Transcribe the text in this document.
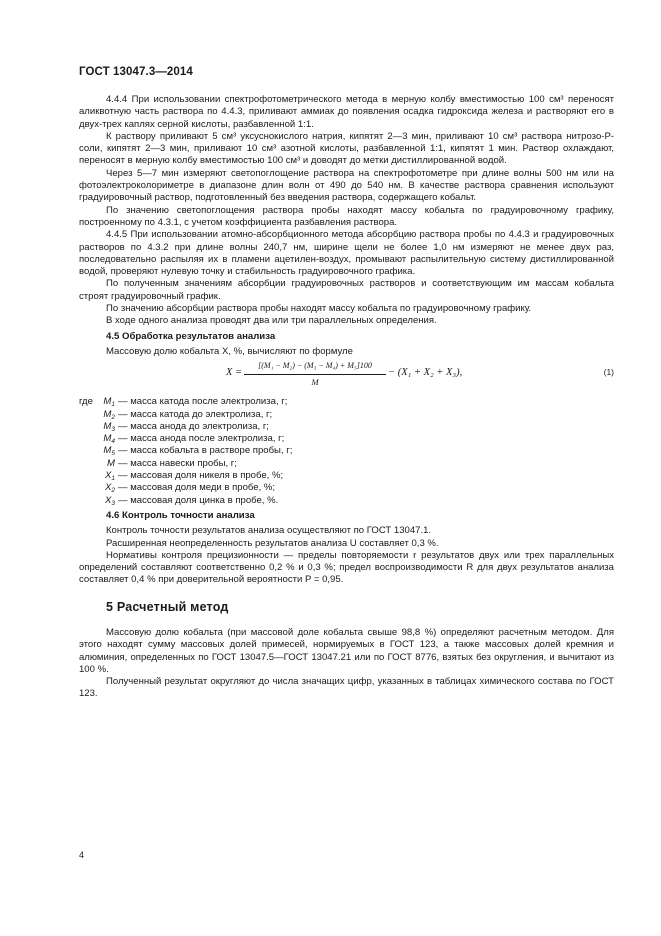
ГОСТ 13047.3—2014

4.4.4 При использовании спектрофотометрического метода в мерную колбу вместимостью 100 см³ переносят аликвотную часть раствора по 4.4.3, приливают аммиак до появления осадка гидроксида железа и растворяют его в двух-трех каплях серной кислоты, разбавленной 1:1.

К раствору приливают 5 см³ уксуснокислого натрия, кипятят 2—3 мин, приливают 10 см³ раствора нитрозо-Р-соли, кипятят 2—3 мин, приливают 10 см³ азотной кислоты, разбавленной 1:1, кипятят 1 мин. Раствор охлаждают, переносят в мерную колбу вместимостью 100 см³ и доводят до метки дистиллированной водой.

Через 5—7 мин измеряют светопоглощение раствора на спектрофотометре при длине волны 500 нм или на фотоэлектроколориметре в диапазоне длин волн от 490 до 540 нм. В качестве раствора сравнения используют градуировочный раствор, подготовленный без введения раствора, содержащего кобальт.

По значению светопоглощения раствора пробы находят массу кобальта по градуировочному графику, построенному по 4.3.1, с учетом коэффициента разбавления раствора.

4.4.5 При использовании атомно-абсорбционного метода абсорбцию раствора пробы по 4.4.3 и градуировочных растворов по 4.3.2 при длине волны 240,7 нм, ширине щели не более 1,0 нм измеряют не менее двух раз, последовательно распыляя их в пламени ацетилен-воздух, промывают распылительную систему дистиллированной водой, проверяют нулевую точку и стабильность градуировочного графика.

По полученным значениям абсорбции градуировочных растворов и соответствующим им массам кобальта строят градуировочный график.

По значению абсорбции раствора пробы находят массу кобальта по градуировочному графику.

В ходе одного анализа проводят два или три параллельных определения.

4.5 Обработка результатов анализа

Массовую долю кобальта X, %, вычисляют по формуле

$X = \frac{\text{[(M₁ − M₂) − (M₃ − M₄) + M₅]100}}{M} - (X_1 + X_2 + X_3)$,	(1)
где	$M_1$ — масса катода после электролиза, г;
$M_2$ — масса катода до электролиза, г;
$M_3$ — масса анода до электролиза, г;
$M_4$ — масса анода после электролиза, г;
$M_5$ — масса кобальта в растворе пробы, г;
M — масса навески пробы, г;
$X_1$ — массовая доля никеля в пробе, %;
$X_2$ — массовая доля меди в пробе, %;
$X_3$ — массовая доля цинка в пробе, %.
4.6 Контроль точности анализа

Контроль точности результатов анализа осуществляют по ГОСТ 13047.1.

Расширенная неопределенность результатов анализа U составляет 0,3 %.

Нормативы контроля прецизионности — пределы повторяемости r результатов двух или трех параллельных определений составляют соответственно 0,2 % и 0,3 %; предел воспроизводимости R для двух результатов анализа составляет 0,4 % при доверительной вероятности P = 0,95.

5 Расчетный метод

Массовую долю кобальта (при массовой доле кобальта свыше 98,8 %) определяют расчетным методом. Для этого находят сумму массовых долей примесей, нормируемых в ГОСТ 123, а также массовых долей кремния и алюминия, определенных по ГОСТ 13047.5—ГОСТ 13047.21 или по ГОСТ 8776, взятых без округления, и вычитают из 100 %.

Полученный результат округляют до числа значащих цифр, указанных в таблицах химического состава по ГОСТ 123.

4
